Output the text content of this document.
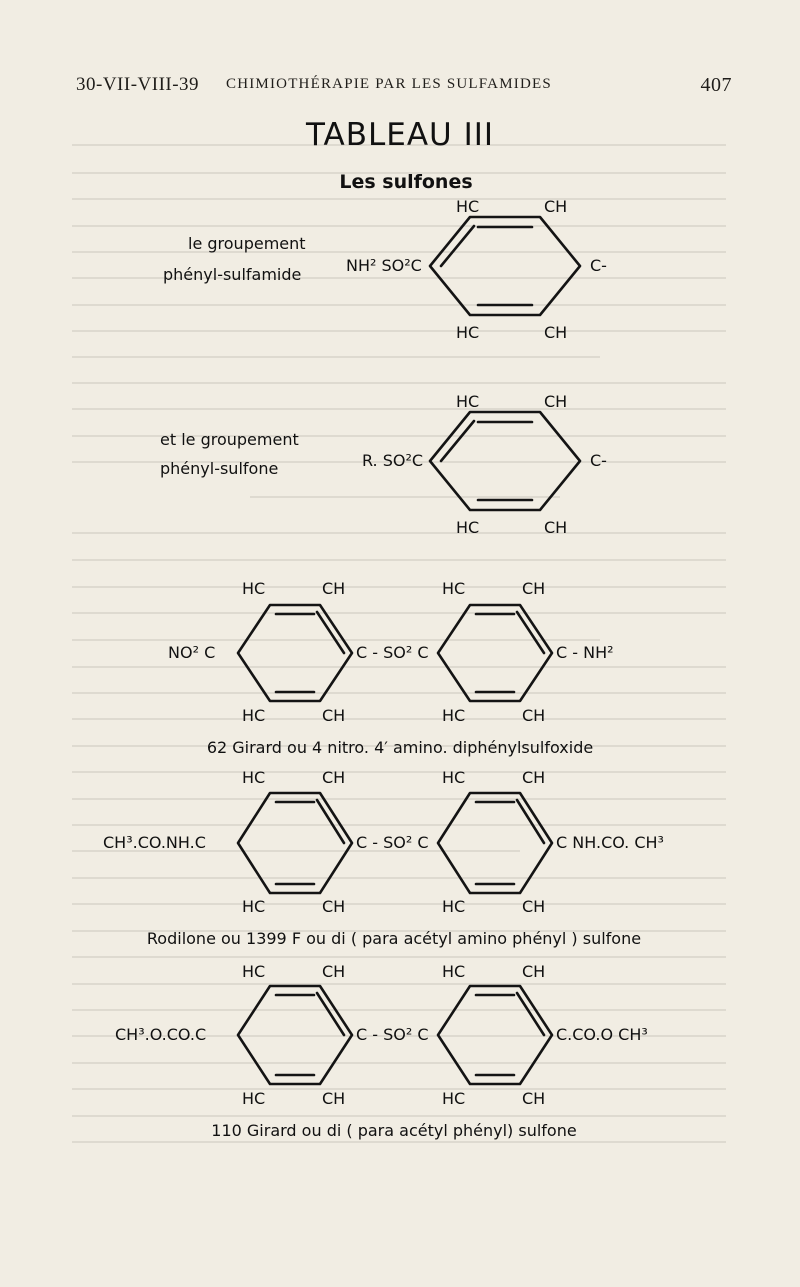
30-VII-VIII-39 CHIMIOTHÉRAPIE PAR LES SULFAMIDES	407
TABLEAU III
Les sulfones
le groupement
phényl-sulfamide
et le groupement
phényl-sulfone
HC	CH
HC	CH
NH² SO²C	C-
HC	CH
HC	CH
R. SO²C	C-
HC	CH
HC	CH
HC	CH
HC	CH
NO² C	C - SO² C	C - NH²
HC	CH
HC	CH
HC	CH
HC	CH
CH³.CO.NH.C	C - SO² C	C NH.CO. CH³
HC	CH
HC	CH
HC	CH
HC	CH
CH³.O.CO.C	C - SO² C	C.CO.O CH³
62 Girard ou 4 nitro. 4′ amino. diphénylsulfoxide
Rodilone ou 1399 F ou di ( para acétyl amino phényl ) sulfone
110 Girard ou di ( para acétyl phényl) sulfone
